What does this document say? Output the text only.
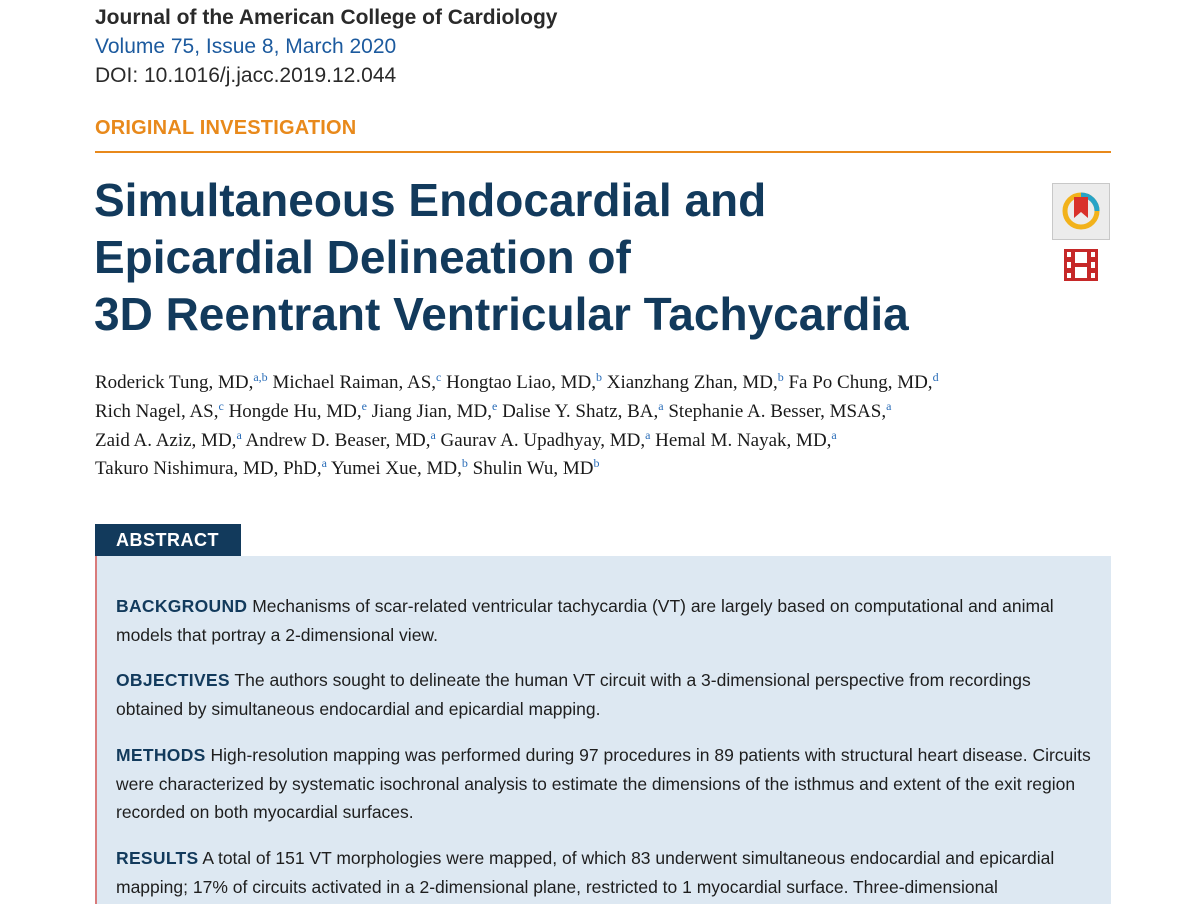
Journal of the American College of Cardiology
Volume 75, Issue 8, March 2020
DOI: 10.1016/j.jacc.2019.12.044
ORIGINAL INVESTIGATION
Simultaneous Endocardial and
Epicardial Delineation of
3D Reentrant Ventricular Tachycardia
Roderick Tung, MD,$^{a,b}$ Michael Raiman, AS,$^c$ Hongtao Liao, MD,$^b$ Xianzhang Zhan, MD,$^b$ Fa Po Chung, MD,$^d$
Rich Nagel, AS,$^c$ Hongde Hu, MD,$^e$ Jiang Jian, MD,$^e$ Dalise Y. Shatz, BA,$^a$ Stephanie A. Besser, MSAS,$^a$
Zaid A. Aziz, MD,$^a$ Andrew D. Beaser, MD,$^a$ Gaurav A. Upadhyay, MD,$^a$ Hemal M. Nayak, MD,$^a$
Takuro Nishimura, MD, PhD,$^a$ Yumei Xue, MD,$^b$ Shulin Wu, $MD^b$
ABSTRACT

BACKGROUND Mechanisms of scar-related ventricular tachycardia (VT) are largely based on computational and animal models that portray a 2-dimensional view.

OBJECTIVES The authors sought to delineate the human VT circuit with a 3-dimensional perspective from recordings obtained by simultaneous endocardial and epicardial mapping.

METHODS High-resolution mapping was performed during 97 procedures in 89 patients with structural heart disease. Circuits were characterized by systematic isochronal analysis to estimate the dimensions of the isthmus and extent of the exit region recorded on both myocardial surfaces.

RESULTS A total of 151 VT morphologies were mapped, of which 83 underwent simultaneous endocardial and epicardial mapping; 17% of circuits activated in a 2-dimensional plane, restricted to 1 myocardial surface. Three-dimensional
